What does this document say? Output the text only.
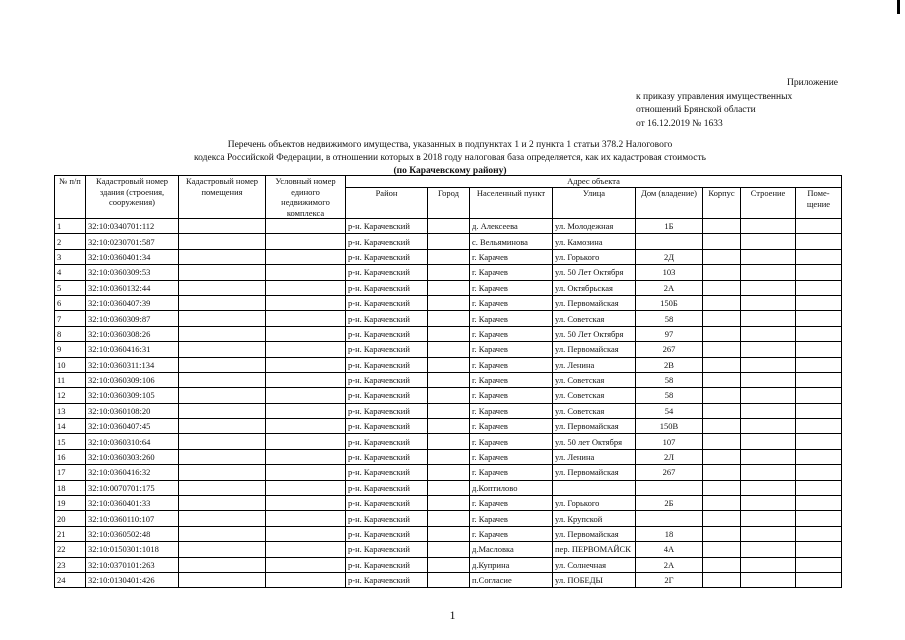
Приложение
к приказу управления имущественных
отношений Брянской области
от 16.12.2019 № 1633
Перечень объектов недвижимого имущества, указанных в подпунктах 1 и 2 пункта 1 статьи 378.2 Налогового
кодекса Российской Федерации, в отношении которых в 2018 году налоговая база определяется, как их кадастровая стоимость
(по Карачевскому району)
№ п/п	Кадастровый номер здания (строения, сооружения)	Кадастровый номер помещения	Условный номер единого недвижимого комплекса	Адрес объекта							
				Район	Город	Населенный пункт	Улица	Дом (владение)	Корпус	Строение	Поме-щение
1	32:10:0340701:112			р-н. Карачевский		д. Алексеева	ул. Молодежная	1Б			
2	32:10:0230701:587			р-н. Карачевский		с. Вельяминова	ул. Камозина				
3	32:10:0360401:34			р-н. Карачевский		г. Карачев	ул. Горького	2Д			
4	32:10:0360309:53			р-н. Карачевский		г. Карачев	ул. 50 Лет Октября	103			
5	32:10:0360132:44			р-н. Карачевский		г. Карачев	ул. Октябрьская	2А			
6	32:10:0360407:39			р-н. Карачевский		г. Карачев	ул. Первомайская	150Б			
7	32:10:0360309:87			р-н. Карачевский		г. Карачев	ул. Советская	58			
8	32:10:0360308:26			р-н. Карачевский		г. Карачев	ул. 50 Лет Октября	97			
9	32:10:0360416:31			р-н. Карачевский		г. Карачев	ул. Первомайская	267			
10	32:10:0360311:134			р-н. Карачевский		г. Карачев	ул. Ленина	2В			
11	32:10:0360309:106			р-н. Карачевский		г. Карачев	ул. Советская	58			
12	32:10:0360309:105			р-н. Карачевский		г. Карачев	ул. Советская	58			
13	32:10:0360108:20			р-н. Карачевский		г. Карачев	ул. Советская	54			
14	32:10:0360407:45			р-н. Карачевский		г. Карачев	ул. Первомайская	150В			
15	32:10:0360310:64			р-н. Карачевский		г. Карачев	ул. 50 лет Октября	107			
16	32:10:0360303:260			р-н. Карачевский		г. Карачев	ул. Ленина	2Л			
17	32:10:0360416:32			р-н. Карачевский		г. Карачев	ул. Первомайская	267			
18	32:10:0070701:175			р-н. Карачевский		д.Коптилово					
19	32:10:0360401:33			р-н. Карачевский		г. Карачев	ул. Горького	2Б			
20	32:10:0360110:107			р-н. Карачевский		г. Карачев	ул. Крупской				
21	32:10:0360502:48			р-н. Карачевский		г. Карачев	ул. Первомайская	18			
22	32:10:0150301:1018			р-н. Карачевский		д.Масловка	пер. ПЕРВОМАЙСК	4А			
23	32:10:0370101:263			р-н. Карачевский		д.Куприна	ул. Солнечная	2А			
24	32:10:0130401:426			р-н. Карачевский		п.Согласие	ул. ПОБЕДЫ	2Г			
1
